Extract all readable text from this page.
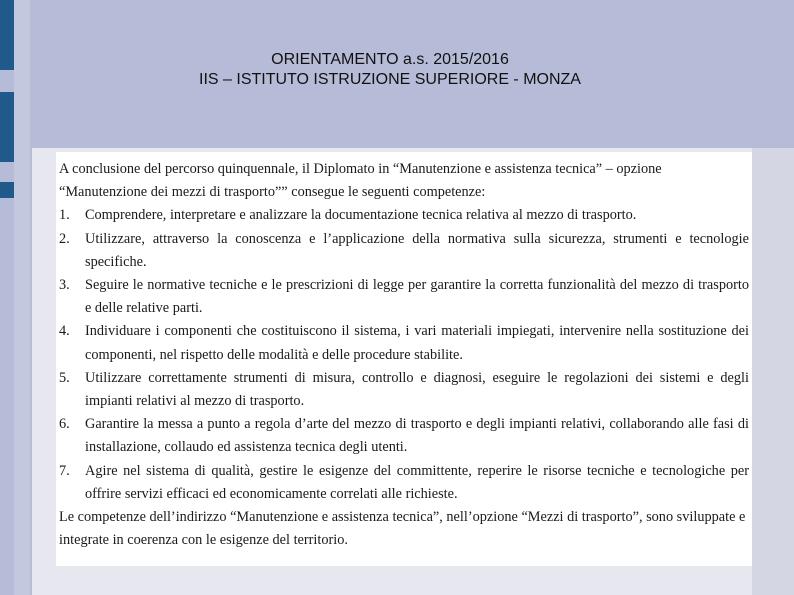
ORIENTAMENTO a.s. 2015/2016
IIS – ISTITUTO ISTRUZIONE SUPERIORE - MONZA
A conclusione del percorso quinquennale, il Diplomato in “Manutenzione e assistenza tecnica” – opzione “Manutenzione dei mezzi di trasporto”” consegue le seguenti competenze:
1. Comprendere, interpretare e analizzare la documentazione tecnica relativa al mezzo di trasporto.
2. Utilizzare, attraverso la conoscenza e l’applicazione della normativa sulla sicurezza, strumenti e tecnologie specifiche.
3. Seguire le normative tecniche e le prescrizioni di legge per garantire la corretta funzionalità del mezzo di trasporto e delle relative parti.
4. Individuare i componenti che costituiscono il sistema, i vari materiali impiegati, intervenire nella sostituzione dei componenti, nel rispetto delle modalità e delle procedure stabilite.
5. Utilizzare correttamente strumenti di misura, controllo e diagnosi, eseguire le regolazioni dei sistemi e degli impianti relativi al mezzo di trasporto.
6. Garantire la messa a punto a regola d’arte del mezzo di trasporto e degli impianti relativi, collaborando alle fasi di installazione, collaudo ed assistenza tecnica degli utenti.
7. Agire nel sistema di qualità, gestire le esigenze del committente, reperire le risorse tecniche e tecnologiche per offrire servizi efficaci ed economicamente correlati alle richieste.
Le competenze dell’indirizzo “Manutenzione e assistenza tecnica”, nell’opzione “Mezzi di trasporto”, sono sviluppate e integrate in coerenza con le esigenze del territorio.
